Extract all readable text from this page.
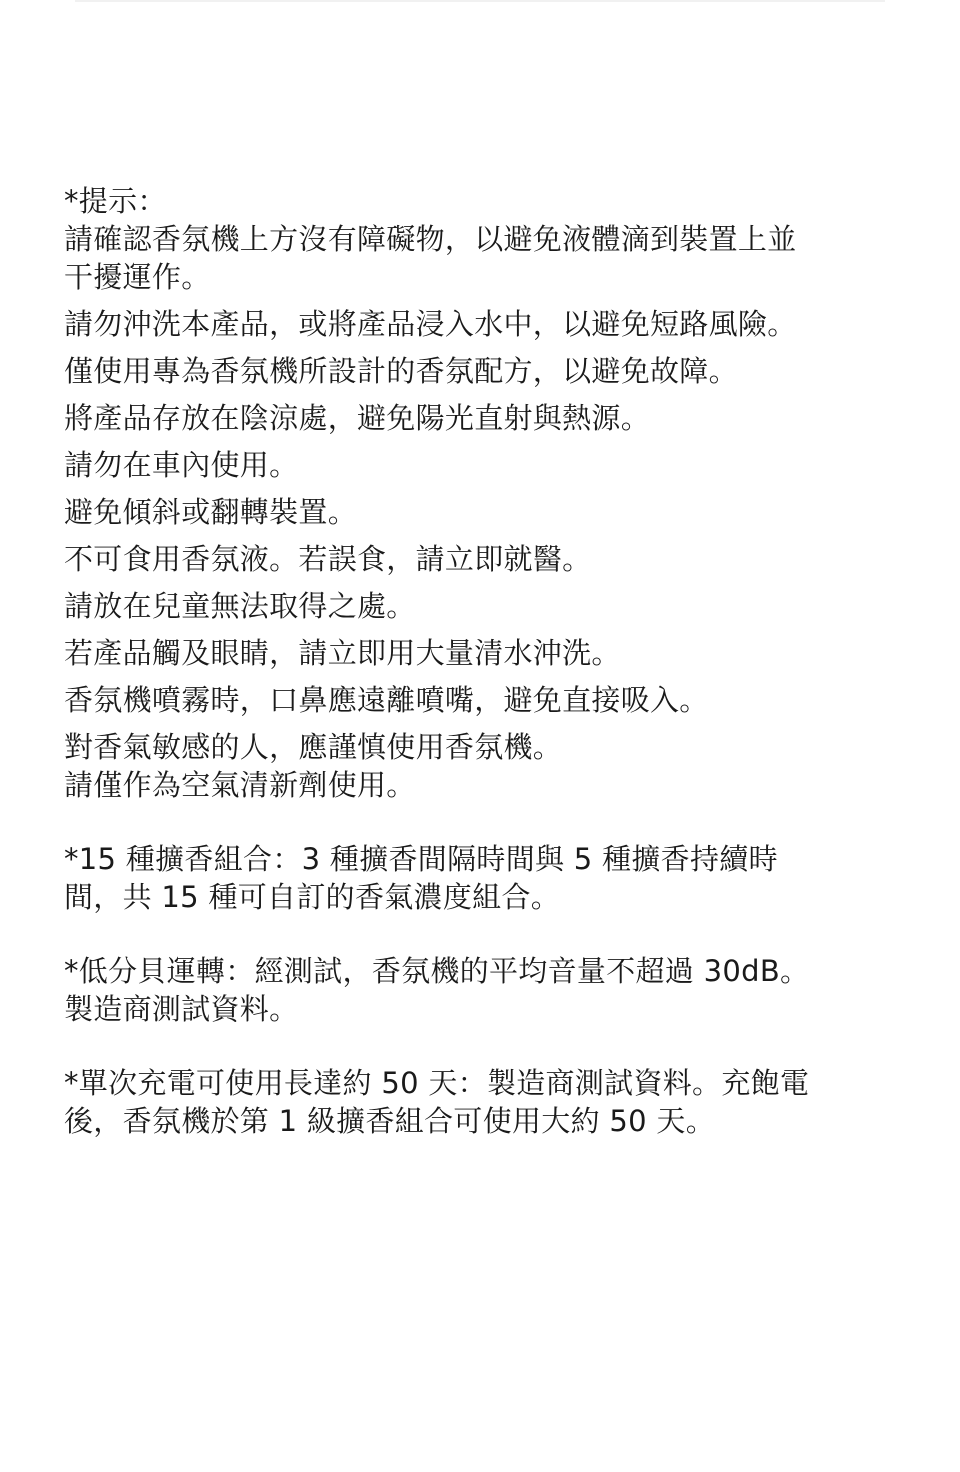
*提示：
請確認香氛機上方沒有障礙物，以避免液體滴到裝置上並
干擾運作。
請勿沖洗本產品，或將產品浸入水中，以避免短路風險。
僅使用專為香氛機所設計的香氛配方，以避免故障。
將產品存放在陰涼處，避免陽光直射與熱源。
請勿在車內使用。
避免傾斜或翻轉裝置。
不可食用香氛液。若誤食，請立即就醫。
請放在兒童無法取得之處。
若產品觸及眼睛，請立即用大量清水沖洗。
香氛機噴霧時，口鼻應遠離噴嘴，避免直接吸入。
對香氣敏感的人，應謹慎使用香氛機。
請僅作為空氣清新劑使用。
*15 種擴香組合：3 種擴香間隔時間與 5 種擴香持續時
間，共 15 種可自訂的香氣濃度組合。
*低分貝運轉：經測試，香氛機的平均音量不超過 30dB。
製造商測試資料。
*單次充電可使用長達約 50 天：製造商測試資料。充飽電
後，香氛機於第 1 級擴香組合可使用大約 50 天。
